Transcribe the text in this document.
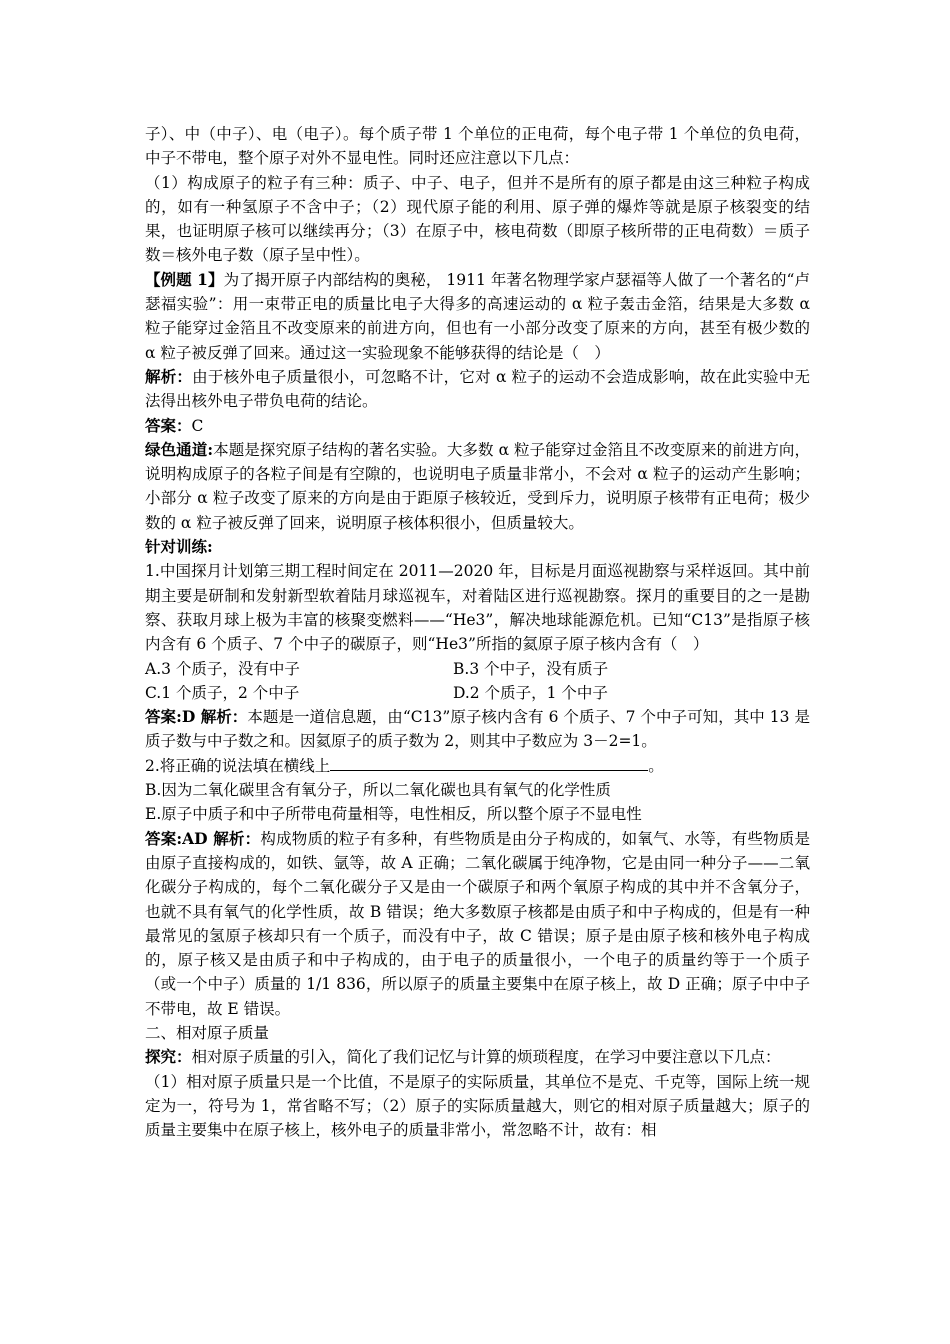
子）、中（中子）、电（电子）。每个质子带 1 个单位的正电荷，每个电子带 1 个单位的负电荷，中子不带电，整个原子对外不显电性。同时还应注意以下几点：

（1）构成原子的粒子有三种：质子、中子、电子，但并不是所有的原子都是由这三种粒子构成的，如有一种氢原子不含中子；（2）现代原子能的利用、原子弹的爆炸等就是原子核裂变的结果，也证明原子核可以继续再分；（3）在原子中，核电荷数（即原子核所带的正电荷数）＝质子数＝核外电子数（原子呈中性）。

【例题 1】为了揭开原子内部结构的奥秘， 1911 年著名物理学家卢瑟福等人做了一个著名的“卢瑟福实验”：用一束带正电的质量比电子大得多的高速运动的 α 粒子轰击金箔，结果是大多数 α 粒子能穿过金箔且不改变原来的前进方向，但也有一小部分改变了原来的方向，甚至有极少数的 α 粒子被反弹了回来。通过这一实验现象不能够获得的结论是（　）

解析：由于核外电子质量很小，可忽略不计，它对 α 粒子的运动不会造成影响，故在此实验中无法得出核外电子带负电荷的结论。

答案：C

绿色通道:本题是探究原子结构的著名实验。大多数 α 粒子能穿过金箔且不改变原来的前进方向，说明构成原子的各粒子间是有空隙的，也说明电子质量非常小，不会对 α 粒子的运动产生影响；小部分 α 粒子改变了原来的方向是由于距原子核较近，受到斥力，说明原子核带有正电荷；极少数的 α 粒子被反弹了回来，说明原子核体积很小，但质量较大。

针对训练:

1.中国探月计划第三期工程时间定在 2011—2020 年，目标是月面巡视勘察与采样返回。其中前期主要是研制和发射新型软着陆月球巡视车，对着陆区进行巡视勘察。探月的重要目的之一是勘察、获取月球上极为丰富的核聚变燃料——“He3”，解决地球能源危机。已知“C13”是指原子核内含有 6 个质子、7 个中子的碳原子，则“He3”所指的氦原子原子核内含有（　）

A.3 个质子，没有中子	B.3 个中子，没有质子
C.1 个质子，2 个中子	D.2 个质子，1 个中子

答案:D 解析：本题是一道信息题，由“C13”原子核内含有 6 个质子、7 个中子可知，其中 13 是质子数与中子数之和。因氦原子的质子数为 2，则其中子数应为 3－2=1。

2.将正确的说法填在横线上	。

B.因为二氧化碳里含有氧分子，所以二氧化碳也具有氧气的化学性质

E.原子中质子和中子所带电荷量相等，电性相反，所以整个原子不显电性

答案:AD 解析：构成物质的粒子有多种，有些物质是由分子构成的，如氧气、水等，有些物质是由原子直接构成的，如铁、氩等，故 A 正确；二氧化碳属于纯净物，它是由同一种分子——二氧化碳分子构成的，每个二氧化碳分子又是由一个碳原子和两个氧原子构成的其中并不含氧分子，也就不具有氧气的化学性质，故 B 错误；绝大多数原子核都是由质子和中子构成的，但是有一种最常见的氢原子核却只有一个质子，而没有中子，故 C 错误；原子是由原子核和核外电子构成的，原子核又是由质子和中子构成的，由于电子的质量很小，一个电子的质量约等于一个质子（或一个中子）质量的 1/1 836，所以原子的质量主要集中在原子核上，故 D 正确；原子中中子不带电，故 E 错误。

二、相对原子质量

探究：相对原子质量的引入，简化了我们记忆与计算的烦琐程度，在学习中要注意以下几点：

（1）相对原子质量只是一个比值，不是原子的实际质量，其单位不是克、千克等，国际上统一规定为一，符号为 1，常省略不写；（2）原子的实际质量越大，则它的相对原子质量越大；原子的质量主要集中在原子核上，核外电子的质量非常小，常忽略不计，故有：相
